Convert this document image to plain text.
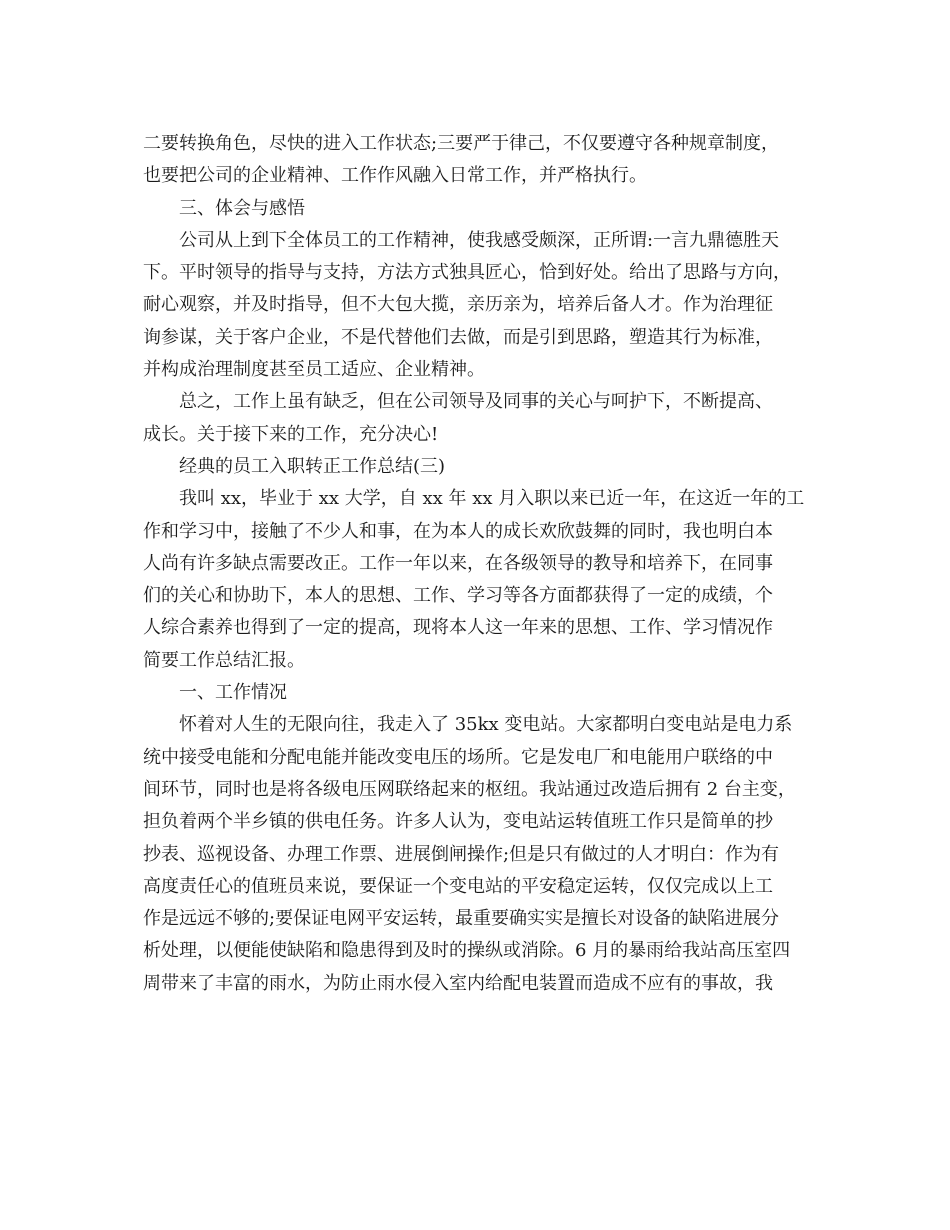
二要转换角色，尽快的进入工作状态;三要严于律己，不仅要遵守各种规章制度，
也要把公司的企业精神、工作作风融入日常工作，并严格执行。
三、体会与感悟
公司从上到下全体员工的工作精神，使我感受颇深，正所谓:一言九鼎德胜天
下。平时领导的指导与支持，方法方式独具匠心，恰到好处。给出了思路与方向，
耐心观察，并及时指导，但不大包大揽，亲历亲为，培养后备人才。作为治理征
询参谋，关于客户企业，不是代替他们去做，而是引到思路，塑造其行为标准，
并构成治理制度甚至员工适应、企业精神。
总之，工作上虽有缺乏，但在公司领导及同事的关心与呵护下，不断提高、
成长。关于接下来的工作，充分决心!
经典的员工入职转正工作总结(三)
我叫 xx，毕业于 xx 大学，自 xx 年 xx 月入职以来已近一年，在这近一年的工
作和学习中，接触了不少人和事，在为本人的成长欢欣鼓舞的同时，我也明白本
人尚有许多缺点需要改正。工作一年以来，在各级领导的教导和培养下，在同事
们的关心和协助下，本人的思想、工作、学习等各方面都获得了一定的成绩，个
人综合素养也得到了一定的提高，现将本人这一年来的思想、工作、学习情况作
简要工作总结汇报。
一、工作情况
怀着对人生的无限向往，我走入了 35kx 变电站。大家都明白变电站是电力系
统中接受电能和分配电能并能改变电压的场所。它是发电厂和电能用户联络的中
间环节，同时也是将各级电压网联络起来的枢纽。我站通过改造后拥有 2 台主变，
担负着两个半乡镇的供电任务。许多人认为，变电站运转值班工作只是简单的抄
抄表、巡视设备、办理工作票、进展倒闸操作;但是只有做过的人才明白：作为有
高度责任心的值班员来说，要保证一个变电站的平安稳定运转，仅仅完成以上工
作是远远不够的;要保证电网平安运转，最重要确实实是擅长对设备的缺陷进展分
析处理，以便能使缺陷和隐患得到及时的操纵或消除。6 月的暴雨给我站高压室四
周带来了丰富的雨水，为防止雨水侵入室内给配电装置而造成不应有的事故，我
